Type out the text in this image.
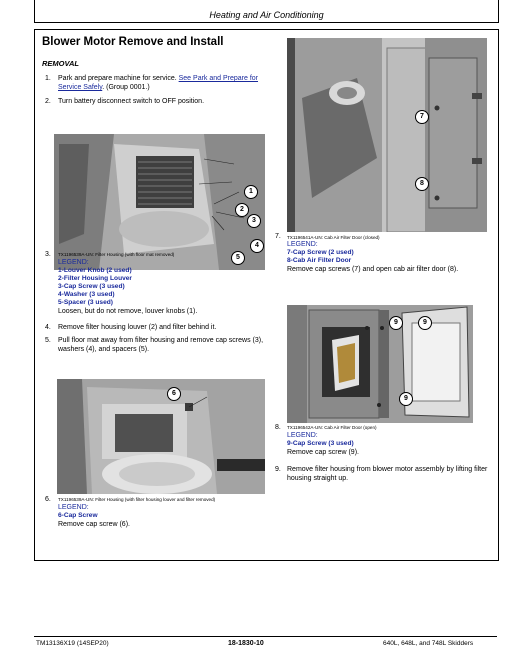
Heating and Air Conditioning
Blower Motor Remove and Install
REMOVAL
1. Park and prepare machine for service. See Park and Prepare for Service Safely. (Group 0001.)
2. Turn battery disconnect switch to OFF position.
1
2
3
4
5
3. TX1196539A-UN: Filter Housing (with floor mat removed)
LEGEND:
1-Louver Knob (2 used)
2-Filter Housing Louver
3-Cap Screw (3 used)
4-Washer (3 used)
5-Spacer (3 used)
Loosen, but do not remove, louver knobs (1).
4. Remove filter housing louver (2) and filter behind it.
5. Pull floor mat away from filter housing and remove cap screws (3), washers (4), and spacers (5).
6
6. TX1196539A-UN: Filter Housing (with filter housing louver and filter removed)
LEGEND:
6-Cap Screw
Remove cap screw (6).
7
8
7. TX1196541A-UN: Cab Air Filter Door (closed)
LEGEND:
7-Cap Screw (2 used)
8-Cab Air Filter Door
Remove cap screws (7) and open cab air filter door (8).
9	9
9
8. TX1196542A-UN: Cab Air Filter Door (open)
LEGEND:
9-Cap Screw (3 used)
Remove cap screw (9).
9. Remove filter housing from blower motor assembly by lifting filter housing straight up.
TM13136X19 (14SEP20)	18-1830-10	640L, 648L, and 748L Skidders
